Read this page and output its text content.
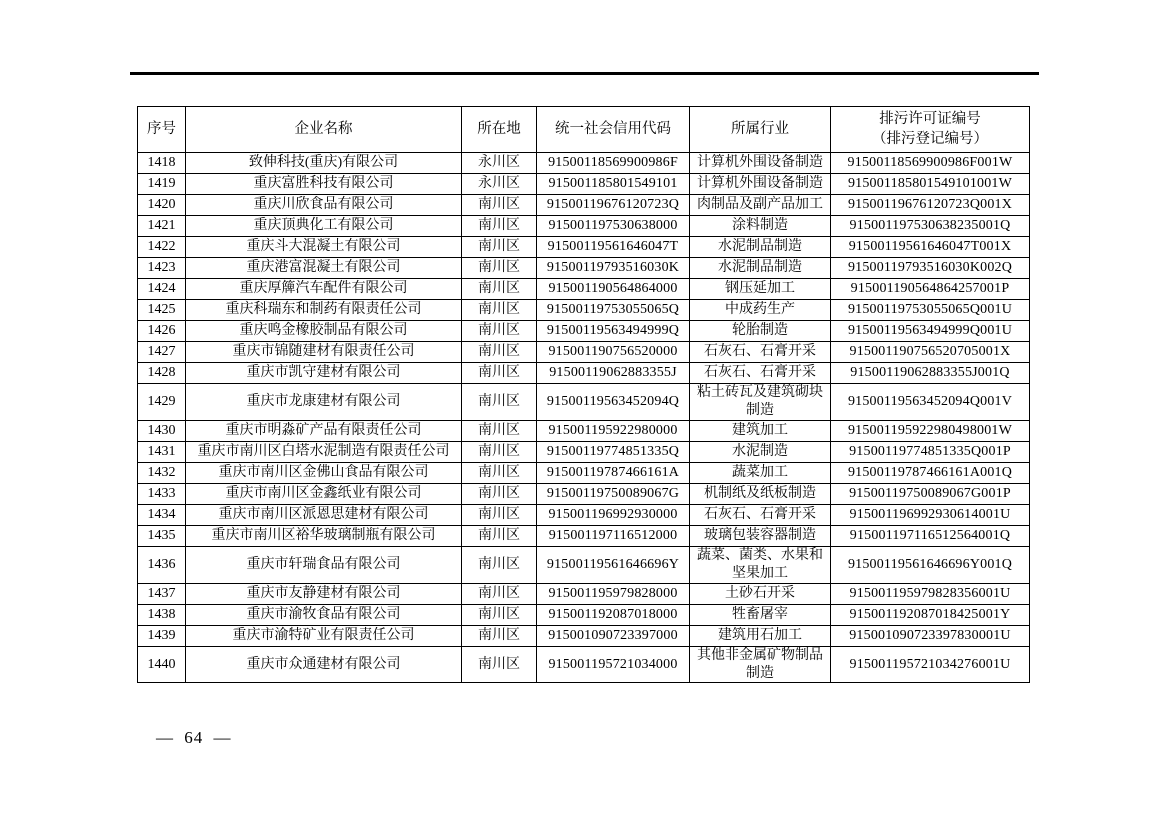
序号	企业名称	所在地	统一社会信用代码	所属行业	排污许可证编号
（排污登记编号）

1418	致伸科技(重庆)有限公司	永川区	91500118569900986F	计算机外围设备制造	91500118569900986F001W
1419	重庆富胜科技有限公司	永川区	915001185801549101	计算机外围设备制造	915001185801549101001W
1420	重庆川欣食品有限公司	南川区	91500119676120723Q	肉制品及副产品加工	91500119676120723Q001X
1421	重庆顶典化工有限公司	南川区	915001197530638000	涂料制造	915001197530638235001Q
1422	重庆斗大混凝土有限公司	南川区	91500119561646047T	水泥制品制造	91500119561646047T001X
1423	重庆港富混凝土有限公司	南川区	91500119793516030K	水泥制品制造	91500119793516030K002Q
1424	重庆厚簰汽车配件有限公司	南川区	915001190564864000	钢压延加工	915001190564864257001P
1425	重庆科瑞东和制药有限责任公司	南川区	91500119753055065Q	中成药生产	91500119753055065Q001U
1426	重庆鸣金橡胶制品有限公司	南川区	91500119563494999Q	轮胎制造	91500119563494999Q001U
1427	重庆市锦随建材有限责任公司	南川区	915001190756520000	石灰石、石膏开采	915001190756520705001X
1428	重庆市凯守建材有限公司	南川区	91500119062883355J	石灰石、石膏开采	91500119062883355J001Q
1429	重庆市龙康建材有限公司	南川区	91500119563452094Q	粘土砖瓦及建筑砌块制造	91500119563452094Q001V
1430	重庆市明淼矿产品有限责任公司	南川区	915001195922980000	建筑加工	915001195922980498001W
1431	重庆市南川区白塔水泥制造有限责任公司	南川区	91500119774851335Q	水泥制造	91500119774851335Q001P
1432	重庆市南川区金佛山食品有限公司	南川区	91500119787466161A	蔬菜加工	91500119787466161A001Q
1433	重庆市南川区金鑫纸业有限公司	南川区	91500119750089067G	机制纸及纸板制造	91500119750089067G001P
1434	重庆市南川区派恩思建材有限公司	南川区	915001196992930000	石灰石、石膏开采	915001196992930614001U
1435	重庆市南川区裕华玻璃制瓶有限公司	南川区	915001197116512000	玻璃包装容器制造	915001197116512564001Q
1436	重庆市轩瑞食品有限公司	南川区	91500119561646696Y	蔬菜、菌类、水果和坚果加工	91500119561646696Y001Q
1437	重庆市友静建材有限公司	南川区	915001195979828000	土砂石开采	915001195979828356001U
1438	重庆市渝牧食品有限公司	南川区	915001192087018000	牲畜屠宰	915001192087018425001Y
1439	重庆市渝特矿业有限责任公司	南川区	915001090723397000	建筑用石加工	915001090723397830001U
1440	重庆市众通建材有限公司	南川区	915001195721034000	其他非金属矿物制品制造	915001195721034276001U
— 64 —
